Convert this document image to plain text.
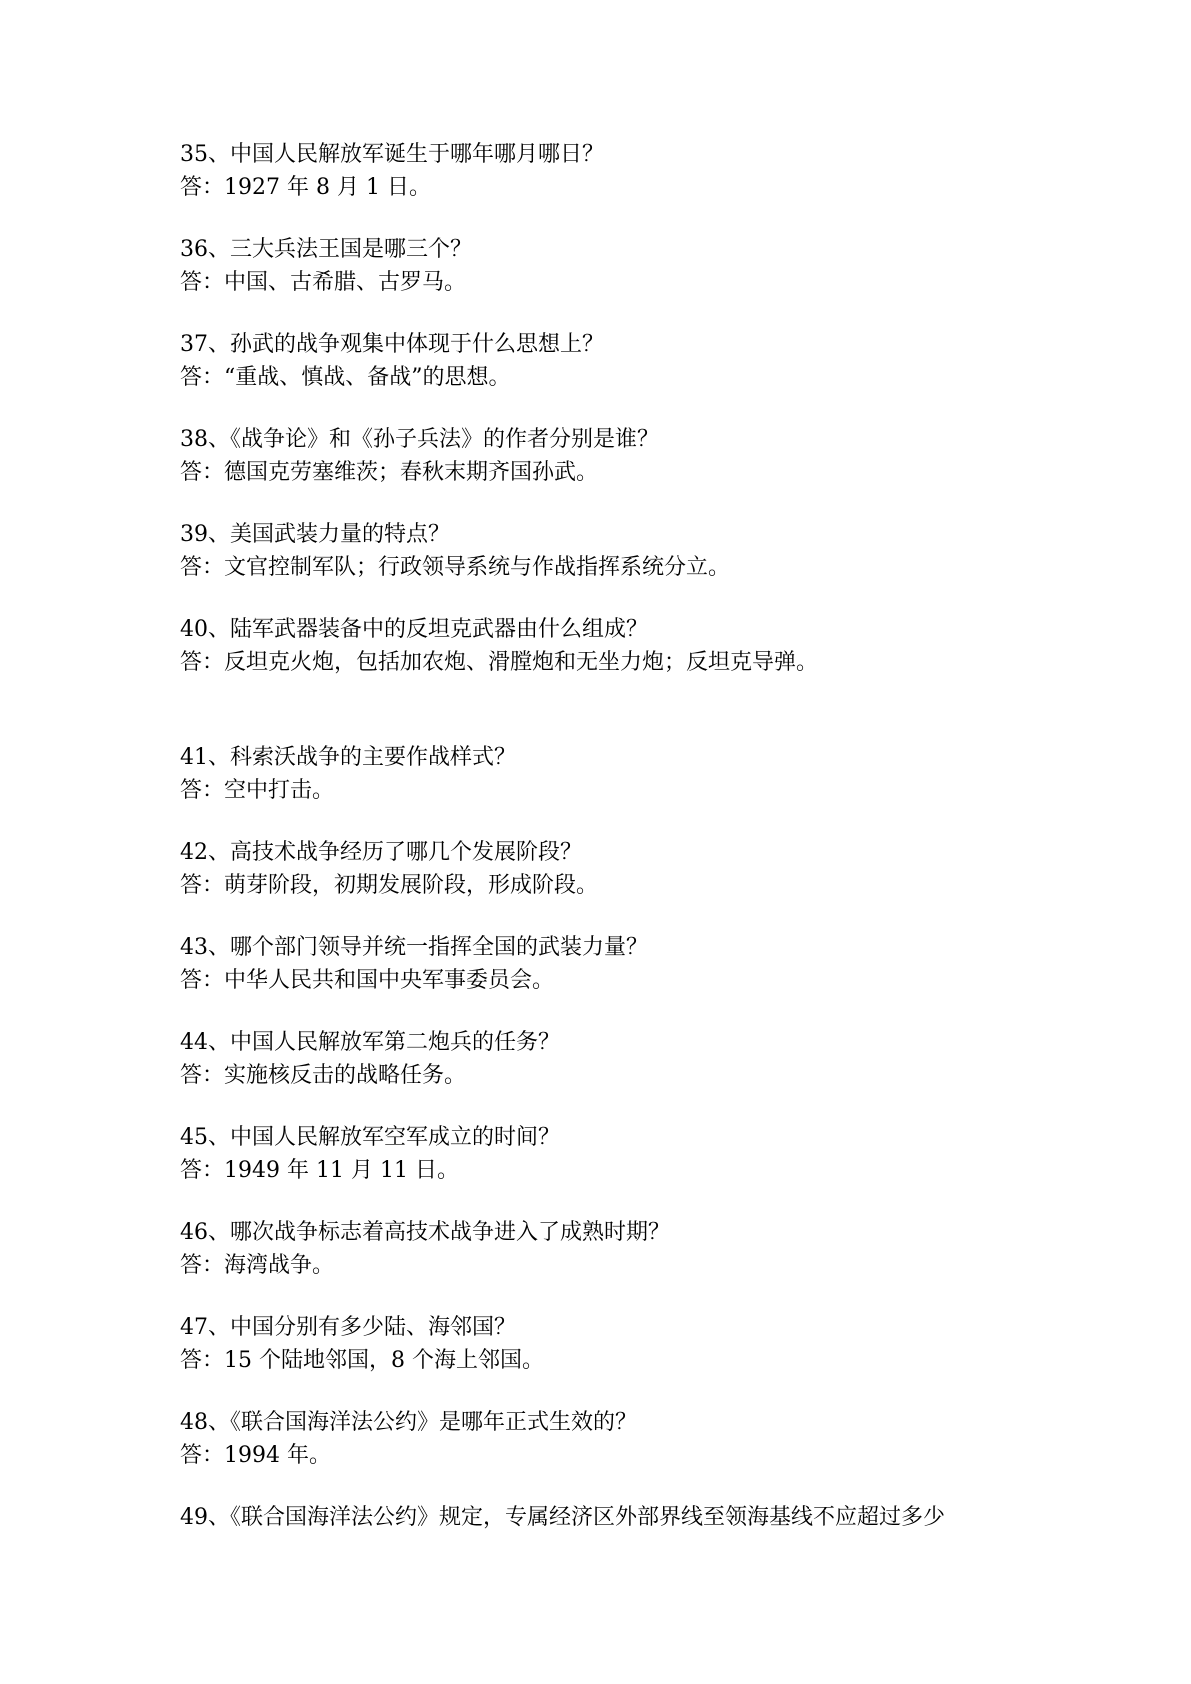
35、中国人民解放军诞生于哪年哪月哪日？
答：1927 年 8 月 1 日。
36、三大兵法王国是哪三个？
答：中国、古希腊、古罗马。
37、孙武的战争观集中体现于什么思想上？
答：“重战、慎战、备战”的思想。
38、《战争论》和《孙子兵法》的作者分别是谁？
答：德国克劳塞维茨；春秋末期齐国孙武。
39、美国武装力量的特点？
答：文官控制军队；行政领导系统与作战指挥系统分立。
40、陆军武器装备中的反坦克武器由什么组成？
答：反坦克火炮，包括加农炮、滑膛炮和无坐力炮；反坦克导弹。
41、科索沃战争的主要作战样式？
答：空中打击。
42、高技术战争经历了哪几个发展阶段？
答：萌芽阶段，初期发展阶段，形成阶段。
43、哪个部门领导并统一指挥全国的武装力量？
答：中华人民共和国中央军事委员会。
44、中国人民解放军第二炮兵的任务？
答：实施核反击的战略任务。
45、中国人民解放军空军成立的时间？
答：1949 年 11 月 11 日。
46、哪次战争标志着高技术战争进入了成熟时期？
答：海湾战争。
47、中国分别有多少陆、海邻国？
答：15 个陆地邻国，8 个海上邻国。
48、《联合国海洋法公约》是哪年正式生效的？
答：1994 年。
49、《联合国海洋法公约》规定，专属经济区外部界线至领海基线不应超过多少
